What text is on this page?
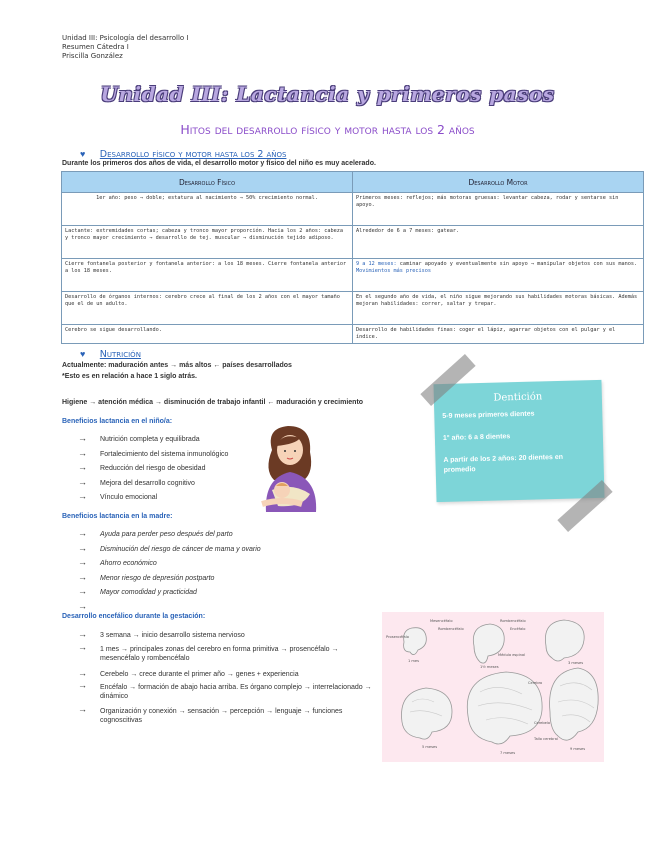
Unidad III: Psicología del desarrollo I
Resumen Cátedra I
Priscilla González
Unidad III: Lactancia y primeros pasos
Hitos del desarrollo físico y motor hasta los 2 años
♥ Desarrollo físico y motor hasta los 2 años
Durante los primeros dos años de vida, el desarrollo motor y físico del niño es muy acelerado.
Desarrollo Físico	Desarrollo Motor
1er año: peso → doble; estatura al nacimiento → 50% crecimiento normal.	Primeros meses: reflejos; más motoras gruesas: levantar cabeza, rodar y sentarse sin apoyo.
Lactante: extremidades cortas; cabeza y tronco mayor proporción. Hacia los 2 años: cabeza y tronco mayor crecimiento → desarrollo de tej. muscular → disminución tejido adiposo.	Alrededor de 6 a 7 meses: gatear.
Cierre fontanela posterior y fontanela anterior: a los 18 meses. Cierre fontanela anterior a los 18 meses.	9 a 12 meses: caminar apoyado y eventualmente sin apoyo → manipular objetos con sus manos.
Movimientos más precisos
Desarrollo de órganos internos: cerebro crece al final de los 2 años con el mayor tamaño que el de un adulto.	En el segundo año de vida, el niño sigue mejorando sus habilidades motoras básicas. Además mejoran habilidades: correr, saltar y trepar.
Cerebro se sigue desarrollando.	Desarrollo de habilidades finas: coger el lápiz, agarrar objetos con el pulgar y el índice.
♥ Nutrición
Actualmente: maduración antes → más altos ← países desarrollados
*Esto es en relación a hace 1 siglo atrás.
Higiene → atención médica → disminución de trabajo infantil ← maduración y crecimiento
Beneficios lactancia en el niño/a:
→ Nutrición completa y equilibrada
→ Fortalecimiento del sistema inmunológico
→ Reducción del riesgo de obesidad
→ Mejora del desarrollo cognitivo
→ Vínculo emocional
Beneficios lactancia en la madre:
→ Ayuda para perder peso después del parto
→ Disminución del riesgo de cáncer de mama y ovario
→ Ahorro económico
→ Menor riesgo de depresión postparto
→ Mayor comodidad y practicidad
→
Desarrollo encefálico durante la gestación:
→ 3 semana → inicio desarrollo sistema nervioso
→	1 mes → principales zonas del cerebro en forma primitiva → prosencéfalo → mesencéfalo y rombencéfalo
→ Cerebelo → crece durante el primer año → genes + experiencia
→	Encéfalo → formación de abajo hacia arriba. Es órgano complejo → interrelacionado → dinámico
→	Organización y conexión → sensación → percepción → lenguaje → funciones cognoscitivas
Dentición
5-9 meses primeros dientes
1° año: 6 a 8 dientes
A partir de los 2 años: 20 dientes en promedio
Mesencéfalo
Rombencéfalo
Prosencéfalo
Rombencéfalo
Encéfalo
Médula espinal
1 mes
1½ meses
3 meses
Cerebro
Cerebelo
Tallo cerebral
5 meses
7 meses
9 meses
